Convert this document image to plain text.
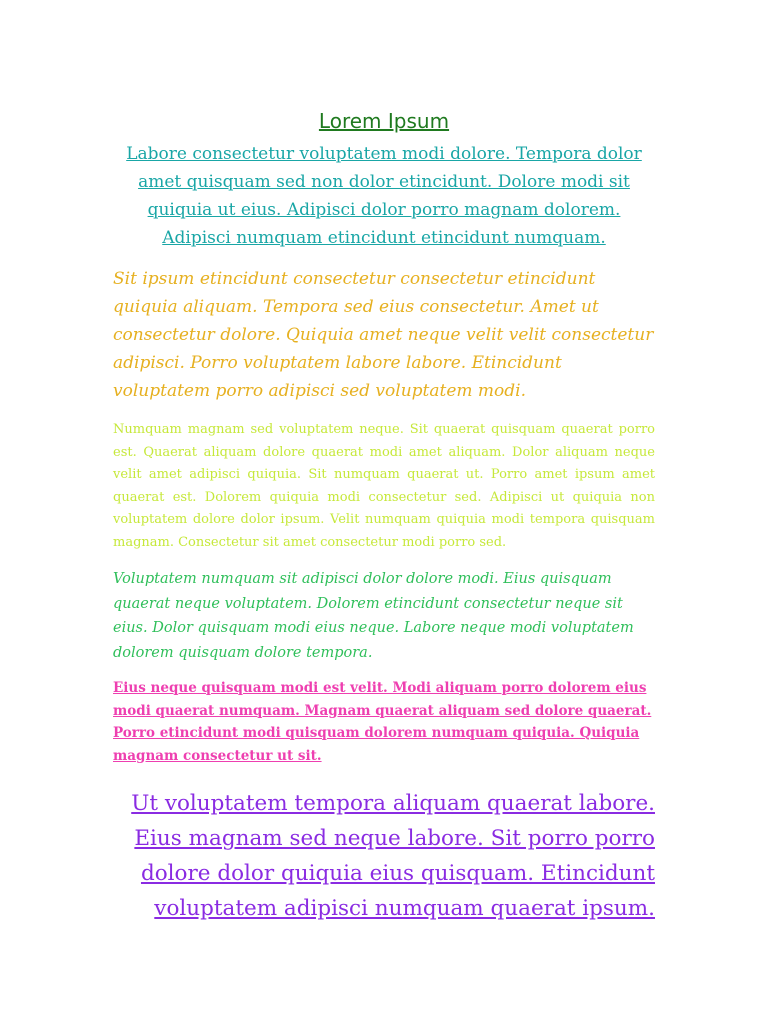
Lorem Ipsum

Labore consectetur voluptatem modi dolore. Tempora dolor amet quisquam sed non dolor etincidunt. Dolore modi sit quiquia ut eius. Adipisci dolor porro magnam dolorem. Adipisci numquam etincidunt etincidunt numquam.

Sit ipsum etincidunt consectetur consectetur etincidunt quiquia aliquam. Tempora sed eius consectetur. Amet ut consectetur dolore. Quiquia amet neque velit velit consectetur adipisci. Porro voluptatem labore labore. Etincidunt voluptatem porro adipisci sed voluptatem modi.

Numquam magnam sed voluptatem neque. Sit quaerat quisquam quaerat porro est. Quaerat aliquam dolore quaerat modi amet aliquam. Dolor aliquam neque velit amet adipisci quiquia. Sit numquam quaerat ut. Porro amet ipsum amet quaerat est. Dolorem quiquia modi consectetur sed. Adipisci ut quiquia non voluptatem dolore dolor ipsum. Velit numquam quiquia modi tempora quisquam magnam. Consectetur sit amet consectetur modi porro sed.

Voluptatem numquam sit adipisci dolor dolore modi. Eius quisquam quaerat neque voluptatem. Dolorem etincidunt consectetur neque sit eius. Dolor quisquam modi eius neque. Labore neque modi voluptatem dolorem quisquam dolore tempora.

Eius neque quisquam modi est velit. Modi aliquam porro dolorem eius modi quaerat numquam. Magnam quaerat aliquam sed dolore quaerat. Porro etincidunt modi quisquam dolorem numquam quiquia. Quiquia magnam consectetur ut sit.

Ut voluptatem tempora aliquam quaerat labore. Eius magnam sed neque labore. Sit porro porro dolore dolor quiquia eius quisquam. Etincidunt voluptatem adipisci numquam quaerat ipsum.
